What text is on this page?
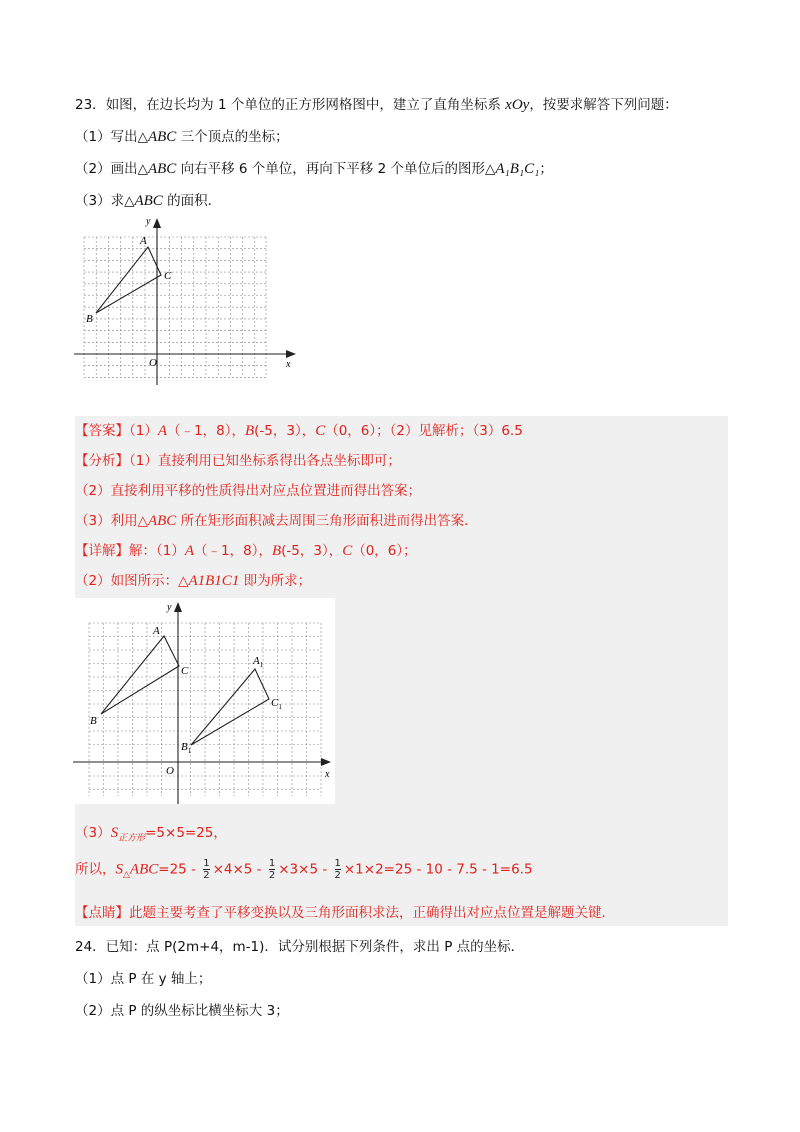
23．如图，在边长均为 1 个单位的正方形网格图中，建立了直角坐标系 xOy，按要求解答下列问题：
（1）写出△ABC 三个顶点的坐标；
（2）画出△ABC 向右平移 6 个单位，再向下平移 2 个单位后的图形△A₁B₁C₁；
（3）求△ABC 的面积．
A
B
C
O	x
y
【答案】（1）A（﹣1，8），B(-5，3），C（0，6）；（2）见解析；（3）6.5
【分析】（1）直接利用已知坐标系得出各点坐标即可；
（2）直接利用平移的性质得出对应点位置进而得出答案；
（3）利用△ABC 所在矩形面积减去周围三角形面积进而得出答案．
【详解】解：（1）A（﹣1，8），B(-5，3），C（0，6）；
（2）如图所示：△A1B1C1 即为所求；
A
B
C
$A_1$
$B_1$
$C_1$
O	x
y
$(3)S_{正方形}=5\times 5=25$，
所以，$S_\triangle ABC=25 - \frac{1}{2} \times 4\times 5 - \frac{1}{2} \times 3\times 5 - \frac{1}{2} \times 1\times 2=25 - 10 - 7.5 - 1=6.5$
【点睛】此题主要考查了平移变换以及三角形面积求法，正确得出对应点位置是解题关键．
24．已知：点 P(2m+4，m-1)．试分别根据下列条件，求出 P 点的坐标．
（1）点 P 在 y 轴上；
（2）点 P 的纵坐标比横坐标大 3；
